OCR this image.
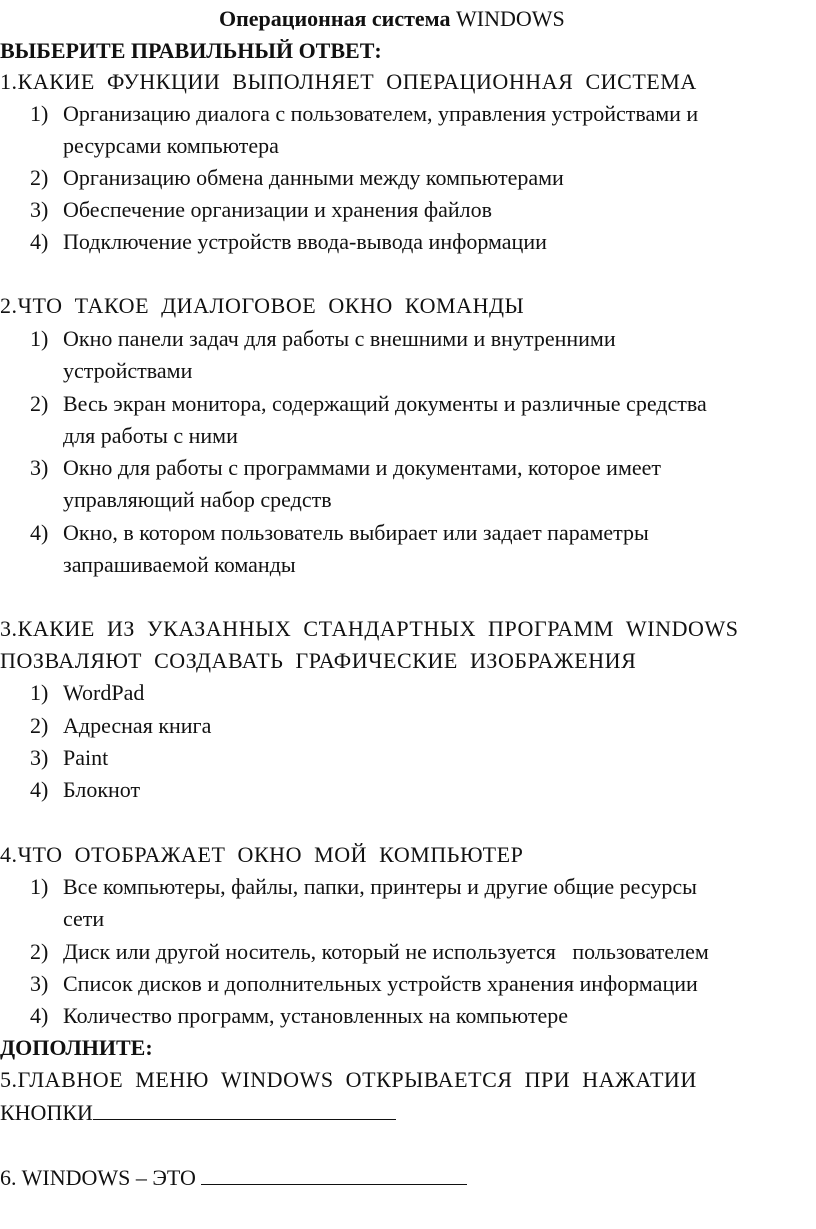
Операционная система WINDOWS
ВЫБЕРИТЕ ПРАВИЛЬНЫЙ ОТВЕТ:
1.КАКИЕ ФУНКЦИИ ВЫПОЛНЯЕТ ОПЕРАЦИОННАЯ СИСТЕМА
1) Организацию диалога с пользователем, управления устройствами и
ресурсами компьютера
2) Организацию обмена данными между компьютерами
3) Обеспечение организации и хранения файлов
4) Подключение устройств ввода-вывода информации
2.ЧТО ТАКОЕ ДИАЛОГОВОЕ ОКНО КОМАНДЫ
1) Окно панели задач для работы с внешними и внутренними
устройствами
2) Весь экран монитора, содержащий документы и различные средства
для работы с ними
3) Окно для работы с программами и документами, которое имеет
управляющий набор средств
4) Окно, в котором пользователь выбирает или задает параметры
запрашиваемой команды
3.КАКИЕ ИЗ УКАЗАННЫХ СТАНДАРТНЫХ ПРОГРАММ WINDOWS
ПОЗВАЛЯЮТ СОЗДАВАТЬ ГРАФИЧЕСКИЕ ИЗОБРАЖЕНИЯ
1) WordPad
2) Адресная книга
3) Paint
4) Блокнот
4.ЧТО ОТОБРАЖАЕТ ОКНО МОЙ КОМПЬЮТЕР
1) Все компьютеры, файлы, папки, принтеры и другие общие ресурсы
сети
2) Диск или другой носитель, который не используется   пользователем
3) Список дисков и дополнительных устройств хранения информации
4) Количество программ, установленных на компьютере
ДОПОЛНИТЕ:
5.ГЛАВНОЕ МЕНЮ WINDOWS ОТКРЫВАЕТСЯ ПРИ НАЖАТИИ
КНОПКИ
6. WINDOWS – ЭТО
